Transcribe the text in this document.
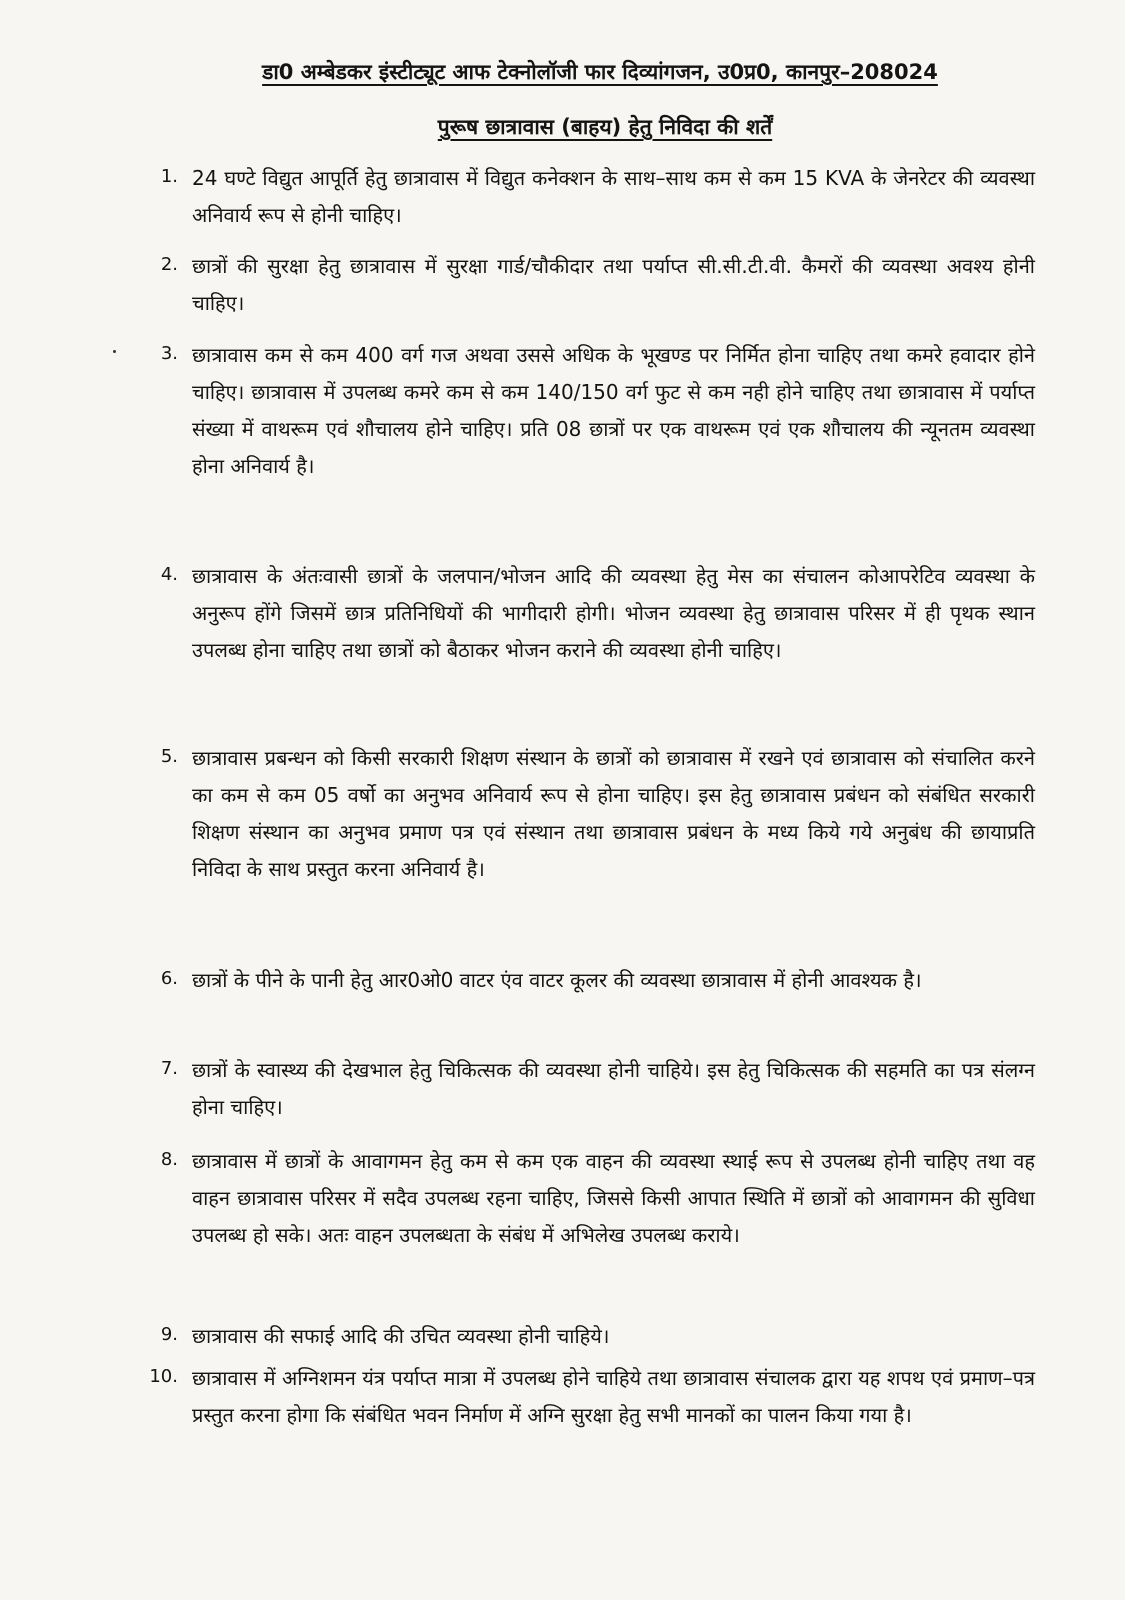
डा0 अम्बेडकर इंस्टीट्यूट आफ टेक्नोलॉजी फार दिव्यांगजन, उ0प्र0, कानपुर–208024
पुरूष छात्रावास (बाहय) हेतु निविदा की शर्तें
1. 24 घण्टे विद्युत आपूर्ति हेतु छात्रावास में विद्युत कनेक्शन के साथ–साथ कम से कम 15 KVA के जेनरेटर की व्यवस्था अनिवार्य रूप से होनी चाहिए।
2. छात्रों की सुरक्षा हेतु छात्रावास में सुरक्षा गार्ड/चौकीदार तथा पर्याप्त सी.सी.टी.वी. कैमरों की व्यवस्था अवश्य होनी चाहिए।
3. छात्रावास कम से कम 400 वर्ग गज अथवा उससे अधिक के भूखण्ड पर निर्मित होना चाहिए तथा कमरे हवादार होने चाहिए। छात्रावास में उपलब्ध कमरे कम से कम 140/150 वर्ग फुट से कम नही होने चाहिए तथा छात्रावास में पर्याप्त संख्या में वाथरूम एवं शौचालय होने चाहिए। प्रति 08 छात्रों पर एक वाथरूम एवं एक शौचालय की न्यूनतम व्यवस्था होना अनिवार्य है।
4. छात्रावास के अंतःवासी छात्रों के जलपान/भोजन आदि की व्यवस्था हेतु मेस का संचालन कोआपरेटिव व्यवस्था के अनुरूप होंगे जिसमें छात्र प्रतिनिधियों की भागीदारी होगी। भोजन व्यवस्था हेतु छात्रावास परिसर में ही पृथक स्थान उपलब्ध होना चाहिए तथा छात्रों को बैठाकर भोजन कराने की व्यवस्था होनी चाहिए।
5. छात्रावास प्रबन्धन को किसी सरकारी शिक्षण संस्थान के छात्रों को छात्रावास में रखने एवं छात्रावास को संचालित करने का कम से कम 05 वर्षो का अनुभव अनिवार्य रूप से होना चाहिए। इस हेतु छात्रावास प्रबंधन को संबंधित सरकारी शिक्षण संस्थान का अनुभव प्रमाण पत्र एवं संस्थान तथा छात्रावास प्रबंधन के मध्य किये गये अनुबंध की छायाप्रति निविदा के साथ प्रस्तुत करना अनिवार्य है।
6. छात्रों के पीने के पानी हेतु आर0ओ0 वाटर एंव वाटर कूलर की व्यवस्था छात्रावास में होनी आवश्यक है।
7. छात्रों के स्वास्थ्य की देखभाल हेतु चिकित्सक की व्यवस्था होनी चाहिये। इस हेतु चिकित्सक की सहमति का पत्र संलग्न होना चाहिए।
8. छात्रावास में छात्रों के आवागमन हेतु कम से कम एक वाहन की व्यवस्था स्थाई रूप से उपलब्ध होनी चाहिए तथा वह वाहन छात्रावास परिसर में सदैव उपलब्ध रहना चाहिए, जिससे किसी आपात स्थिति में छात्रों को आवागमन की सुविधा उपलब्ध हो सके। अतः वाहन उपलब्धता के संबंध में अभिलेख उपलब्ध कराये।
9. छात्रावास की सफाई आदि की उचित व्यवस्था होनी चाहिये।
10. छात्रावास में अग्निशमन यंत्र पर्याप्त मात्रा में उपलब्ध होने चाहिये तथा छात्रावास संचालक द्वारा यह शपथ एवं प्रमाण–पत्र प्रस्तुत करना होगा कि संबंधित भवन निर्माण में अग्नि सुरक्षा हेतु सभी मानकों का पालन किया गया है।
